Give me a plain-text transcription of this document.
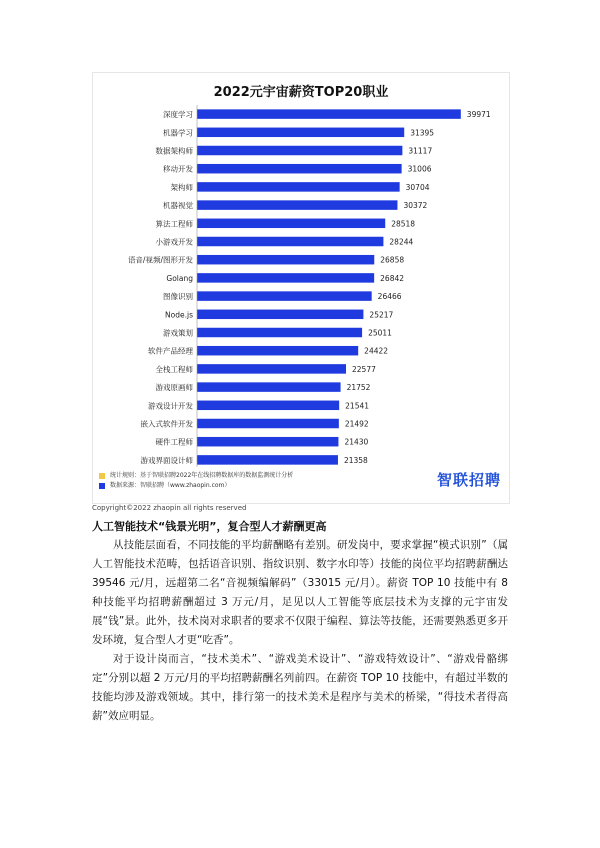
2022元宇宙薪资TOP20职业
深度学习	39971
机器学习	31395
数据架构师	31117
移动开发	31006
架构师	30704
机器视觉	30372
算法工程师	28518
小游戏开发	28244
语音/视频/图形开发	26858
Golang	26842
图像识别	26466
Node.js	25217
游戏策划	25011
软件产品经理	24422
全栈工程师	22577
游戏原画师	21752
游戏设计开发	21541
嵌入式软件开发	21492
硬件工程师	21430
游戏界面设计师	21358
统计规则：基于智联招聘2022年在线招聘数据库的数据监测统计分析
数据来源：智联招聘（www.zhaopin.com）	智联招聘
Copyright©2022 zhaopin all rights reserved
人工智能技术“钱景光明”，复合型人才薪酬更高

从技能层面看，不同技能的平均薪酬略有差别。研发岗中，要求掌握“模式识别”（属人工智能技术范畴，包括语音识别、指纹识别、数字水印等）技能的岗位平均招聘薪酬达 39546 元/月，远超第二名“音视频编解码”（33015 元/月）。薪资 TOP 10 技能中有 8 种技能平均招聘薪酬超过 3 万元/月，足见以人工智能等底层技术为支撑的元宇宙发展“钱”景。此外，技术岗对求职者的要求不仅限于编程、算法等技能，还需要熟悉更多开发环境，复合型人才更“吃香”。

对于设计岗而言，“技术美术”、“游戏美术设计”、“游戏特效设计”、“游戏骨骼绑定”分别以超 2 万元/月的平均招聘薪酬名列前四。在薪资 TOP 10 技能中，有超过半数的技能均涉及游戏领域。其中，排行第一的技术美术是程序与美术的桥梁，“得技术者得高薪”效应明显。
